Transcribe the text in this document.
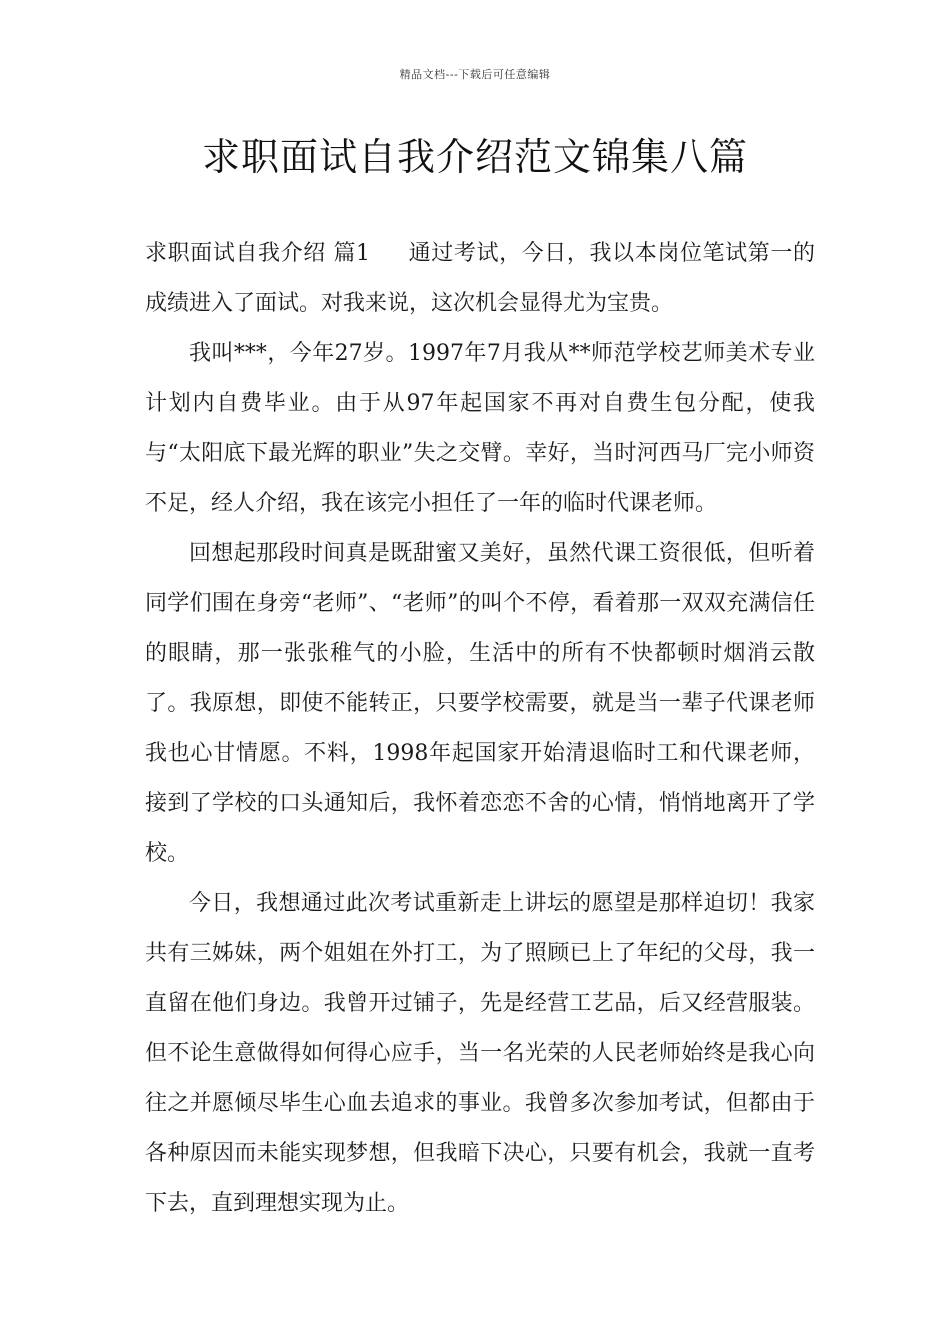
精品文档---下载后可任意编辑
求职面试自我介绍范文锦集八篇

求职面试自我介绍 篇1 通过考试，今日，我以本岗位笔试第一的成绩进入了面试。对我来说，这次机会显得尤为宝贵。

我叫***，今年27岁。1997年7月我从**师范学校艺师美术专业计划内自费毕业。由于从97年起国家不再对自费生包分配，使我与“太阳底下最光辉的职业”失之交臂。幸好，当时河西马厂完小师资不足，经人介绍，我在该完小担任了一年的临时代课老师。

回想起那段时间真是既甜蜜又美好，虽然代课工资很低，但听着同学们围在身旁“老师”、“老师”的叫个不停，看着那一双双充满信任的眼睛，那一张张稚气的小脸，生活中的所有不快都顿时烟消云散了。我原想，即使不能转正，只要学校需要，就是当一辈子代课老师我也心甘情愿。不料，1998年起国家开始清退临时工和代课老师，接到了学校的口头通知后，我怀着恋恋不舍的心情，悄悄地离开了学校。

今日，我想通过此次考试重新走上讲坛的愿望是那样迫切！我家共有三姊妹，两个姐姐在外打工，为了照顾已上了年纪的父母，我一直留在他们身边。我曾开过铺子，先是经营工艺品，后又经营服装。但不论生意做得如何得心应手，当一名光荣的人民老师始终是我心向往之并愿倾尽毕生心血去追求的事业。我曾多次参加考试，但都由于各种原因而未能实现梦想，但我暗下决心，只要有机会，我就一直考下去，直到理想实现为止。
